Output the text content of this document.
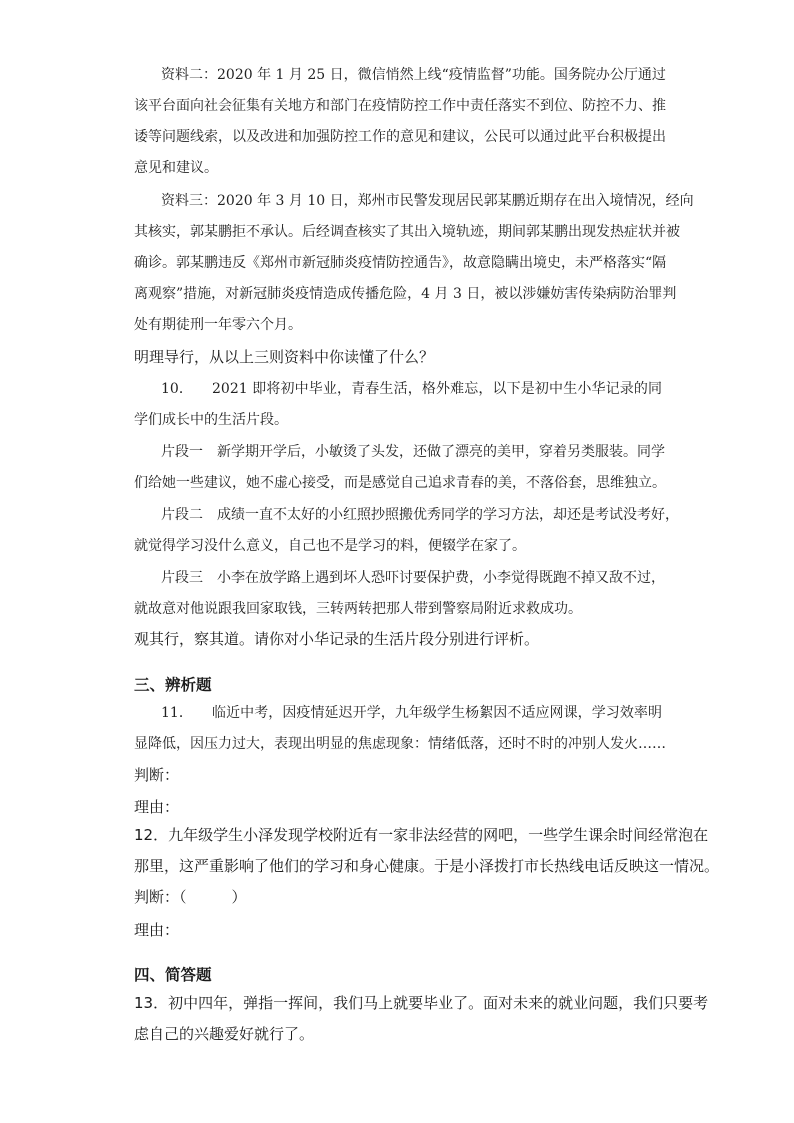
资料二：2020 年 1 月 25 日，微信悄然上线“疫情监督”功能。国务院办公厅通过
该平台面向社会征集有关地方和部门在疫情防控工作中责任落实不到位、防控不力、推
诿等问题线索，以及改进和加强防控工作的意见和建议，公民可以通过此平台积极提出
意见和建议。
资料三：2020 年 3 月 10 日，郑州市民警发现居民郭某鹏近期存在出入境情况，经向
其核实，郭某鹏拒不承认。后经调查核实了其出入境轨迹，期间郭某鹏出现发热症状并被
确诊。郭某鹏违反《郑州市新冠肺炎疫情防控通告》，故意隐瞒出境史，未严格落实“隔
离观察”措施，对新冠肺炎疫情造成传播危险，4 月 3 日，被以涉嫌妨害传染病防治罪判
处有期徒刑一年零六个月。
明理导行，从以上三则资料中你读懂了什么？
10． 2021 即将初中毕业，青春生活，格外难忘，以下是初中生小华记录的同
学们成长中的生活片段。
片段一　新学期开学后，小敏烫了头发，还做了漂亮的美甲，穿着另类服装。同学
们给她一些建议，她不虚心接受，而是感觉自己追求青春的美，不落俗套，思维独立。
片段二　成绩一直不太好的小红照抄照搬优秀同学的学习方法，却还是考试没考好，
就觉得学习没什么意义，自己也不是学习的料，便辍学在家了。
片段三　小李在放学路上遇到坏人恐吓讨要保护费，小李觉得既跑不掉又敌不过，
就故意对他说跟我回家取钱，三转两转把那人带到警察局附近求救成功。
观其行，察其道。请你对小华记录的生活片段分别进行评析。
三、辨析题
11． 临近中考，因疫情延迟开学，九年级学生杨絮因不适应网课，学习效率明
显降低，因压力过大，表现出明显的焦虑现象：情绪低落，还时不时的冲别人发火……
判断：
理由：
12．九年级学生小泽发现学校附近有一家非法经营的网吧，一些学生课余时间经常泡在
那里，这严重影响了他们的学习和身心健康。于是小泽拨打市长热线电话反映这一情况。
判断：（　　　）
理由：
四、简答题
13．初中四年，弹指一挥间，我们马上就要毕业了。面对未来的就业问题，我们只要考
虑自己的兴趣爱好就行了。
